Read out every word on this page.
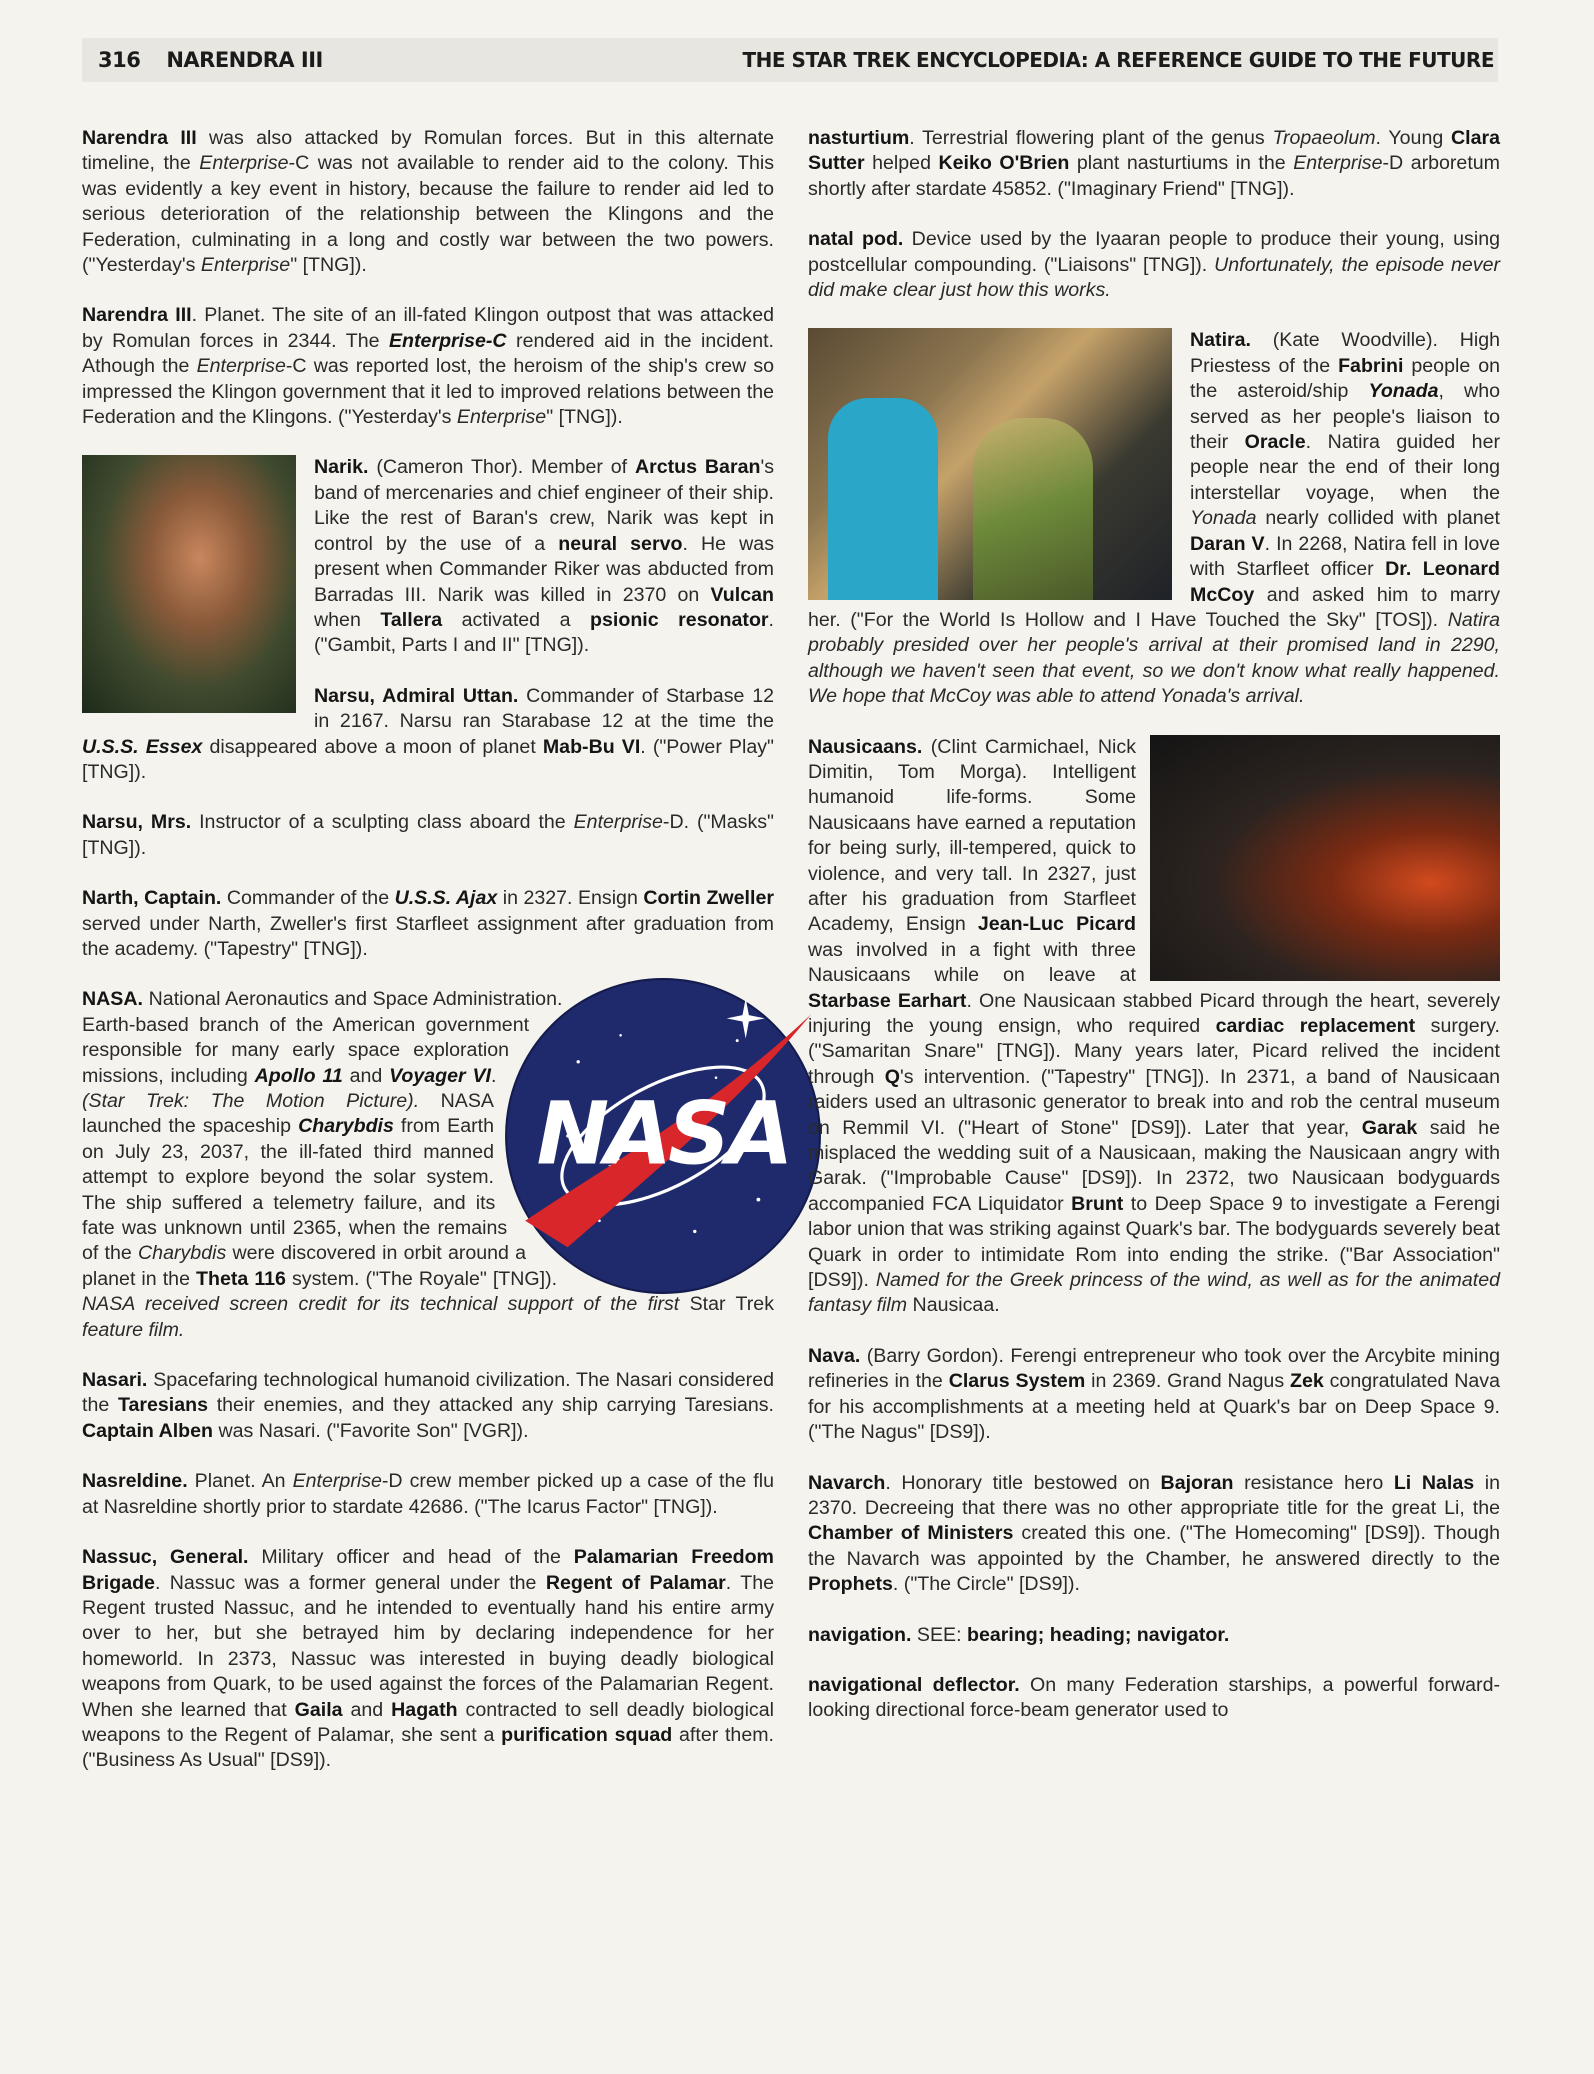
316 NARENDRA III	THE STAR TREK ENCYCLOPEDIA: A REFERENCE GUIDE TO THE FUTURE

Narendra III was also attacked by Romulan forces. But in this alternate timeline, the Enterprise-C was not available to render aid to the colony. This was evidently a key event in history, because the failure to render aid led to serious deterioration of the relationship between the Klingons and the Federation, culminating in a long and costly war between the two powers. ("Yesterday's Enterprise" [TNG]).

Narendra III. Planet. The site of an ill-fated Klingon outpost that was attacked by Romulan forces in 2344. The Enterprise-C rendered aid in the incident. Athough the Enterprise-C was reported lost, the heroism of the ship's crew so impressed the Klingon government that it led to improved relations between the Federation and the Klingons. ("Yesterday's Enterprise" [TNG]).

Narik. (Cameron Thor). Member of Arctus Baran's band of mercenaries and chief engineer of their ship. Like the rest of Baran's crew, Narik was kept in control by the use of a neural servo. He was present when Commander Riker was abducted from Barradas III. Narik was killed in 2370 on Vulcan when Tallera activated a psionic resonator. ("Gambit, Parts I and II" [TNG]).

Narsu, Admiral Uttan. Commander of Starbase 12 in 2167. Narsu ran Starabase 12 at the time the U.S.S. Essex disappeared above a moon of planet Mab-Bu VI. ("Power Play" [TNG]).

Narsu, Mrs. Instructor of a sculpting class aboard the Enterprise-D. ("Masks" [TNG]).

Narth, Captain. Commander of the U.S.S. Ajax in 2327. Ensign Cortin Zweller served under Narth, Zweller's first Starfleet assignment after graduation from the academy. ("Tapestry" [TNG]).

NASA
NASA. National Aeronautics and Space Administration. Earth-based branch of the American government responsible for many early space exploration missions, including Apollo 11 and Voyager VI. (Star Trek: The Motion Picture). NASA launched the spaceship Charybdis from Earth on July 23, 2037, the ill-fated third manned attempt to explore beyond the solar system. The ship suffered a telemetry failure, and its fate was unknown until 2365, when the remains of the Charybdis were discovered in orbit around a planet in the Theta 116 system. ("The Royale" [TNG]). NASA received screen credit for its technical support of the first Star Trek feature film.

Nasari. Spacefaring technological humanoid civilization. The Nasari considered the Taresians their enemies, and they attacked any ship carrying Taresians. Captain Alben was Nasari. ("Favorite Son" [VGR]).

Nasreldine. Planet. An Enterprise-D crew member picked up a case of the flu at Nasreldine shortly prior to stardate 42686. ("The Icarus Factor" [TNG]).

Nassuc, General. Military officer and head of the Palamarian Freedom Brigade. Nassuc was a former general under the Regent of Palamar. The Regent trusted Nassuc, and he intended to eventually hand his entire army over to her, but she betrayed him by declaring independence for her homeworld. In 2373, Nassuc was interested in buying deadly biological weapons from Quark, to be used against the forces of the Palamarian Regent. When she learned that Gaila and Hagath contracted to sell deadly biological weapons to the Regent of Palamar, she sent a purification squad after them. ("Business As Usual" [DS9]).

nasturtium. Terrestrial flowering plant of the genus Tropaeolum. Young Clara Sutter helped Keiko O'Brien plant nasturtiums in the Enterprise-D arboretum shortly after stardate 45852. ("Imaginary Friend" [TNG]).

natal pod. Device used by the Iyaaran people to produce their young, using postcellular compounding. ("Liaisons" [TNG]). Unfortunately, the episode never did make clear just how this works.

Natira. (Kate Woodville). High Priestess of the Fabrini people on the asteroid/ship Yonada, who served as her people's liaison to their Oracle. Natira guided her people near the end of their long interstellar voyage, when the Yonada nearly collided with planet Daran V. In 2268, Natira fell in love with Starfleet officer Dr. Leonard McCoy and asked him to marry her. ("For the World Is Hollow and I Have Touched the Sky" [TOS]). Natira probably presided over her people's arrival at their promised land in 2290, although we haven't seen that event, so we don't know what really happened. We hope that McCoy was able to attend Yonada's arrival.

Nausicaans. (Clint Carmichael, Nick Dimitin, Tom Morga). Intelligent humanoid life-forms. Some Nausicaans have earned a reputation for being surly, ill-tempered, quick to violence, and very tall. In 2327, just after his graduation from Starfleet Academy, Ensign Jean-Luc Picard was involved in a fight with three Nausicaans while on leave at Starbase Earhart. One Nausicaan stabbed Picard through the heart, severely injuring the young ensign, who required cardiac replacement surgery. ("Samaritan Snare" [TNG]). Many years later, Picard relived the incident through Q's intervention. ("Tapestry" [TNG]). In 2371, a band of Nausicaan raiders used an ultrasonic generator to break into and rob the central museum on Remmil VI. ("Heart of Stone" [DS9]). Later that year, Garak said he misplaced the wedding suit of a Nausicaan, making the Nausicaan angry with Garak. ("Improbable Cause" [DS9]). In 2372, two Nausicaan bodyguards accompanied FCA Liquidator Brunt to Deep Space 9 to investigate a Ferengi labor union that was striking against Quark's bar. The bodyguards severely beat Quark in order to intimidate Rom into ending the strike. ("Bar Association" [DS9]). Named for the Greek princess of the wind, as well as for the animated fantasy film Nausicaa.

Nava. (Barry Gordon). Ferengi entrepreneur who took over the Arcybite mining refineries in the Clarus System in 2369. Grand Nagus Zek congratulated Nava for his accomplishments at a meeting held at Quark's bar on Deep Space 9. ("The Nagus" [DS9]).

Navarch. Honorary title bestowed on Bajoran resistance hero Li Nalas in 2370. Decreeing that there was no other appropriate title for the great Li, the Chamber of Ministers created this one. ("The Homecoming" [DS9]). Though the Navarch was appointed by the Chamber, he answered directly to the Prophets. ("The Circle" [DS9]).

navigation. SEE: bearing; heading; navigator.

navigational deflector. On many Federation starships, a powerful forward-looking directional force-beam generator used to
